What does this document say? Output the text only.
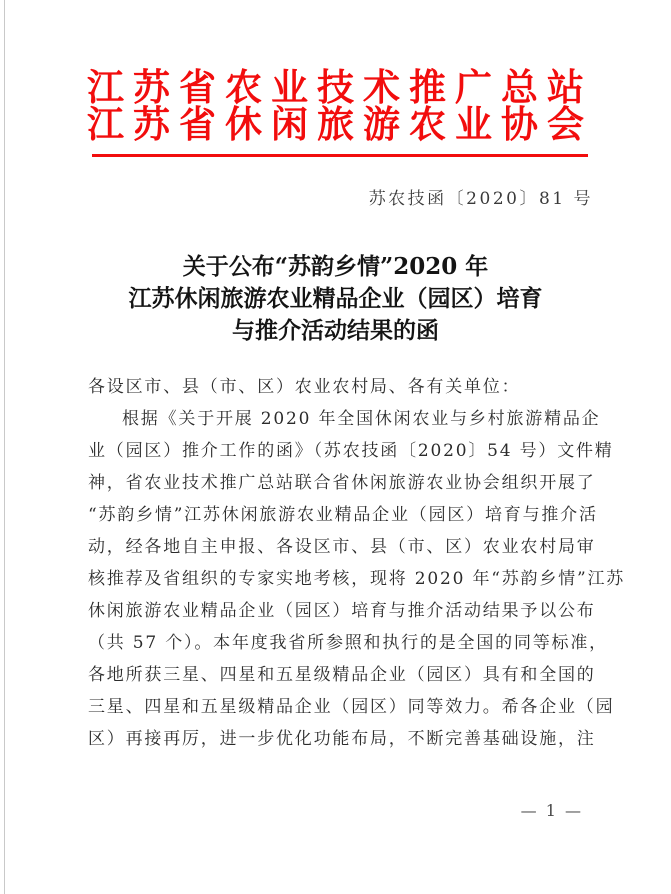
江苏省农业技术推广总站
江苏省休闲旅游农业协会
苏农技函〔2020〕81 号
关于公布“苏韵乡情”2020 年
江苏休闲旅游农业精品企业（园区）培育
与推介活动结果的函
各设区市、县（市、区）农业农村局、各有关单位：
根据《关于开展 2020 年全国休闲农业与乡村旅游精品企
业（园区）推介工作的函》（苏农技函〔2020〕54 号）文件精
神，省农业技术推广总站联合省休闲旅游农业协会组织开展了
“苏韵乡情”江苏休闲旅游农业精品企业（园区）培育与推介活
动，经各地自主申报、各设区市、县（市、区）农业农村局审
核推荐及省组织的专家实地考核，现将 2020 年“苏韵乡情”江苏
休闲旅游农业精品企业（园区）培育与推介活动结果予以公布
（共 57 个）。本年度我省所参照和执行的是全国的同等标准，
各地所获三星、四星和五星级精品企业（园区）具有和全国的
三星、四星和五星级精品企业（园区）同等效力。希各企业（园
区）再接再厉，进一步优化功能布局，不断完善基础设施，注
— 1 —
